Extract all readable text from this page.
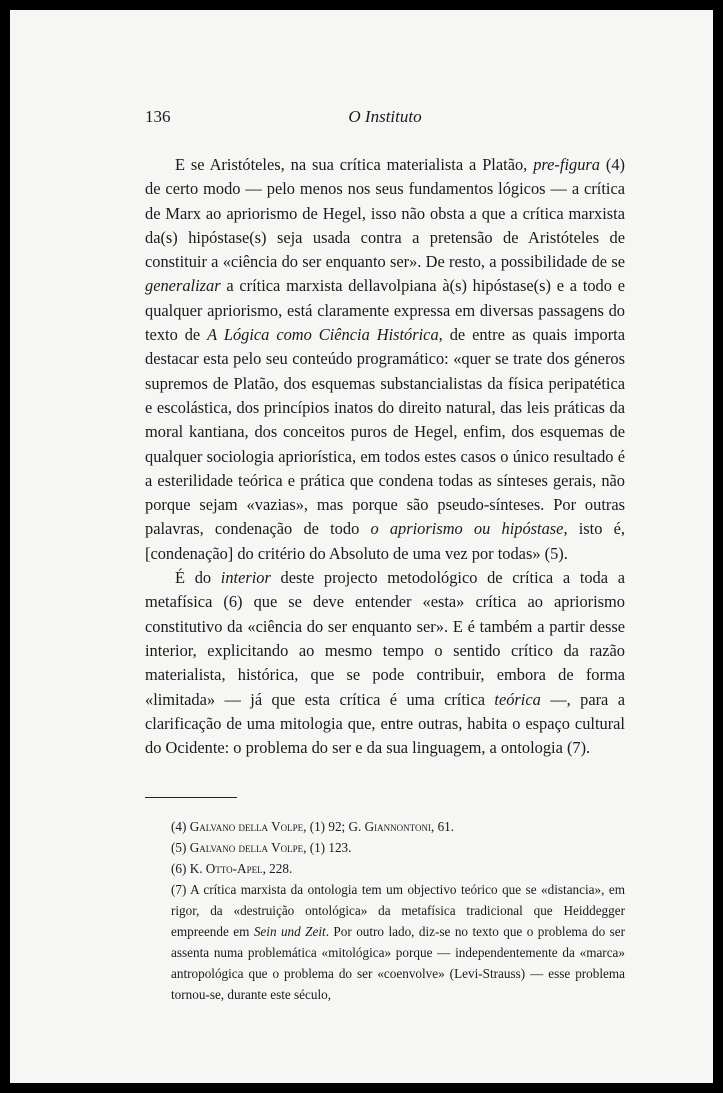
136	O Instituto

E se Aristóteles, na sua crítica materialista a Platão, pre-figura (4) de certo modo — pelo menos nos seus fundamentos lógicos — a crítica de Marx ao apriorismo de Hegel, isso não obsta a que a crítica marxista da(s) hipóstase(s) seja usada contra a pretensão de Aristóteles de constituir a «ciência do ser enquanto ser». De resto, a possibilidade de se generalizar a crítica marxista dellavolpiana à(s) hipóstase(s) e a todo e qualquer apriorismo, está claramente expressa em diversas passagens do texto de A Lógica como Ciência Histórica, de entre as quais importa destacar esta pelo seu conteúdo programático: «quer se trate dos géneros supremos de Platão, dos esquemas substancialistas da física peripatética e escolástica, dos princípios inatos do direito natural, das leis práticas da moral kantiana, dos conceitos puros de Hegel, enfim, dos esquemas de qualquer sociologia apriorística, em todos estes casos o único resultado é a esterilidade teórica e prática que condena todas as sínteses gerais, não porque sejam «vazias», mas porque são pseudo-sínteses. Por outras palavras, condenação de todo o apriorismo ou hipóstase, isto é, [condenação] do critério do Absoluto de uma vez por todas» (5).

É do interior deste projecto metodológico de crítica a toda a metafísica (6) que se deve entender «esta» crítica ao apriorismo constitutivo da «ciência do ser enquanto ser». E é também a partir desse interior, explicitando ao mesmo tempo o sentido crítico da razão materialista, histórica, que se pode contribuir, embora de forma «limitada» — já que esta crítica é uma crítica teórica —, para a clarificação de uma mitologia que, entre outras, habita o espaço cultural do Ocidente: o problema do ser e da sua linguagem, a ontologia (7).

(4) Galvano della Volpe, (1) 92; G. Giannontoni, 61.

(5) Galvano della Volpe, (1) 123.

(6) K. Otto-Apel, 228.

(7) A crítica marxista da ontologia tem um objectivo teórico que se «distancia», em rigor, da «destruição ontológica» da metafísica tradicional que Heiddegger empreende em Sein und Zeit. Por outro lado, diz-se no texto que o problema do ser assenta numa problemática «mitológica» porque — independentemente da «marca» antropológica que o problema do ser «coenvolve» (Levi-Strauss) — esse problema tornou-se, durante este século,
